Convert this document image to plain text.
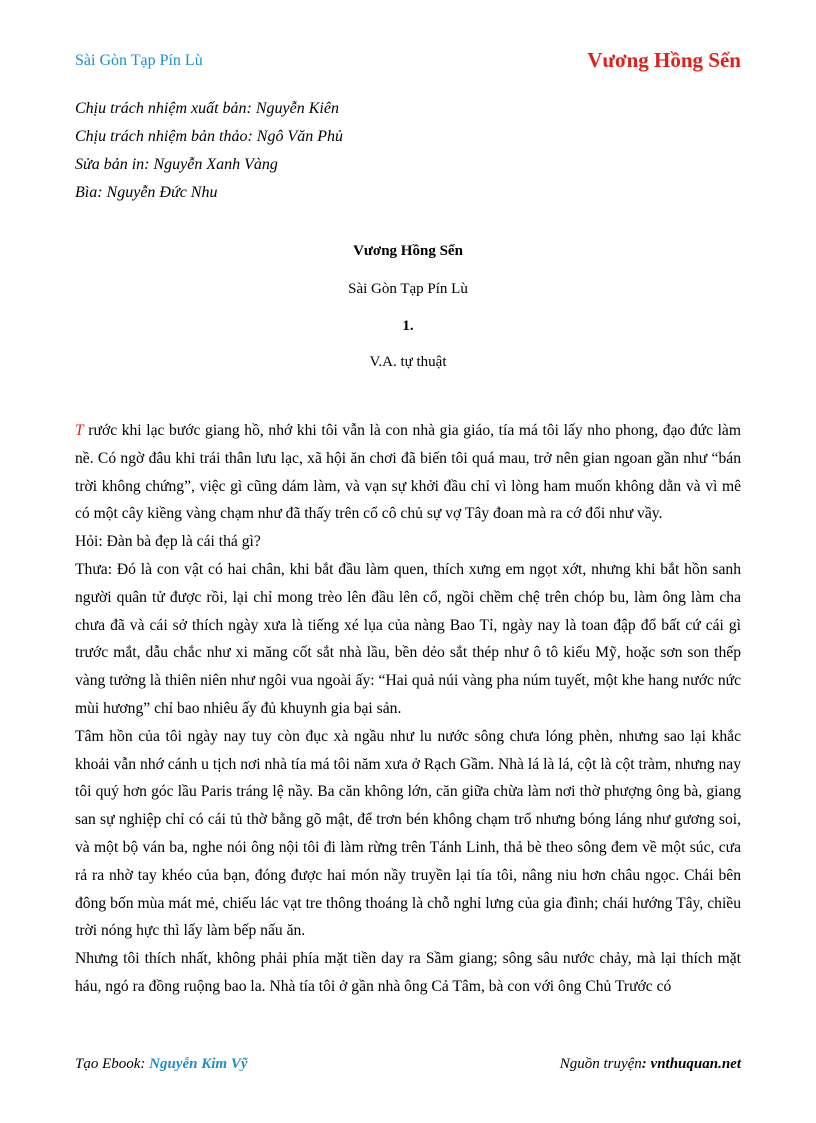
Sài Gòn Tạp Pín Lù	Vương Hồng Sển
Chịu trách nhiệm xuất bản: Nguyễn Kiên
Chịu trách nhiệm bản thảo: Ngô Văn Phủ
Sửa bản in: Nguyễn Xanh Vàng
Bìa: Nguyễn Đức Nhu
Vương Hồng Sển
Sài Gòn Tạp Pín Lù
1.
V.A. tự thuật

T rước khi lạc bước giang hồ, nhớ khi tôi vẫn là con nhà gia giáo, tía má tôi lấy nho phong, đạo đức làm nề. Có ngờ đâu khi trái thân lưu lạc, xã hội ăn chơi đã biến tôi quá mau, trở nên gian ngoan gần như “bán trời không chứng”, việc gì cũng dám làm, và vạn sự khởi đầu chỉ vì lòng ham muốn không dằn và vì mê có một cây kiềng vàng chạm như đã thấy trên cổ cô chủ sự vợ Tây đoan mà ra cớ đổi như vầy.

Hỏi: Đàn bà đẹp là cái thá gì?

Thưa: Đó là con vật có hai chân, khi bắt đầu làm quen, thích xưng em ngọt xớt, nhưng khi bắt hồn sanh người quân tử được rồi, lại chỉ mong trèo lên đầu lên cổ, ngồi chềm chệ trên chóp bu, làm ông làm cha chưa đã và cái sở thích ngày xưa là tiếng xé lụa của nàng Bao Tỉ, ngày nay là toan đập đổ bất cứ cái gì trước mắt, dẫu chắc như xi măng cốt sắt nhà lầu, bền dẻo sắt thép như ô tô kiểu Mỹ, hoặc sơn son thếp vàng tưởng là thiên niên như ngôi vua ngoài ấy: “Hai quả núi vàng pha núm tuyết, một khe hang nước nức mùi hương” chỉ bao nhiêu ấy đủ khuynh gia bại sản.

Tâm hồn của tôi ngày nay tuy còn đục xà ngầu như lu nước sông chưa lóng phèn, nhưng sao lại khắc khoải vẫn nhớ cánh u tịch nơi nhà tía má tôi năm xưa ở Rạch Gầm. Nhà lá là lá, cột là cột tràm, nhưng nay tôi quý hơn góc lầu Paris tráng lệ nầy. Ba căn không lớn, căn giữa chừa làm nơi thờ phượng ông bà, giang san sự nghiệp chỉ có cái tủ thờ bằng gõ mật, để trơn bén không chạm trổ nhưng bóng láng như gương soi, và một bộ ván ba, nghe nói ông nội tôi đi làm rừng trên Tánh Linh, thả bè theo sông đem về một súc, cưa rả ra nhờ tay khéo của bạn, đóng được hai món nầy truyền lại tía tôi, nâng niu hơn châu ngọc. Chái bên đông bốn mùa mát mẻ, chiếu lác vạt tre thông thoáng là chỗ nghỉ lưng của gia đình; chái hướng Tây, chiều trời nóng hực thì lấy làm bếp nấu ăn.

Nhưng tôi thích nhất, không phải phía mặt tiền day ra Sầm giang; sông sâu nước chảy, mà lại thích mặt háu, ngó ra đồng ruộng bao la. Nhà tía tôi ở gần nhà ông Cả Tâm, bà con với ông Chủ Trước có

Tạo Ebook: Nguyễn Kim Vỹ	Nguồn truyện: vnthuquan.net
